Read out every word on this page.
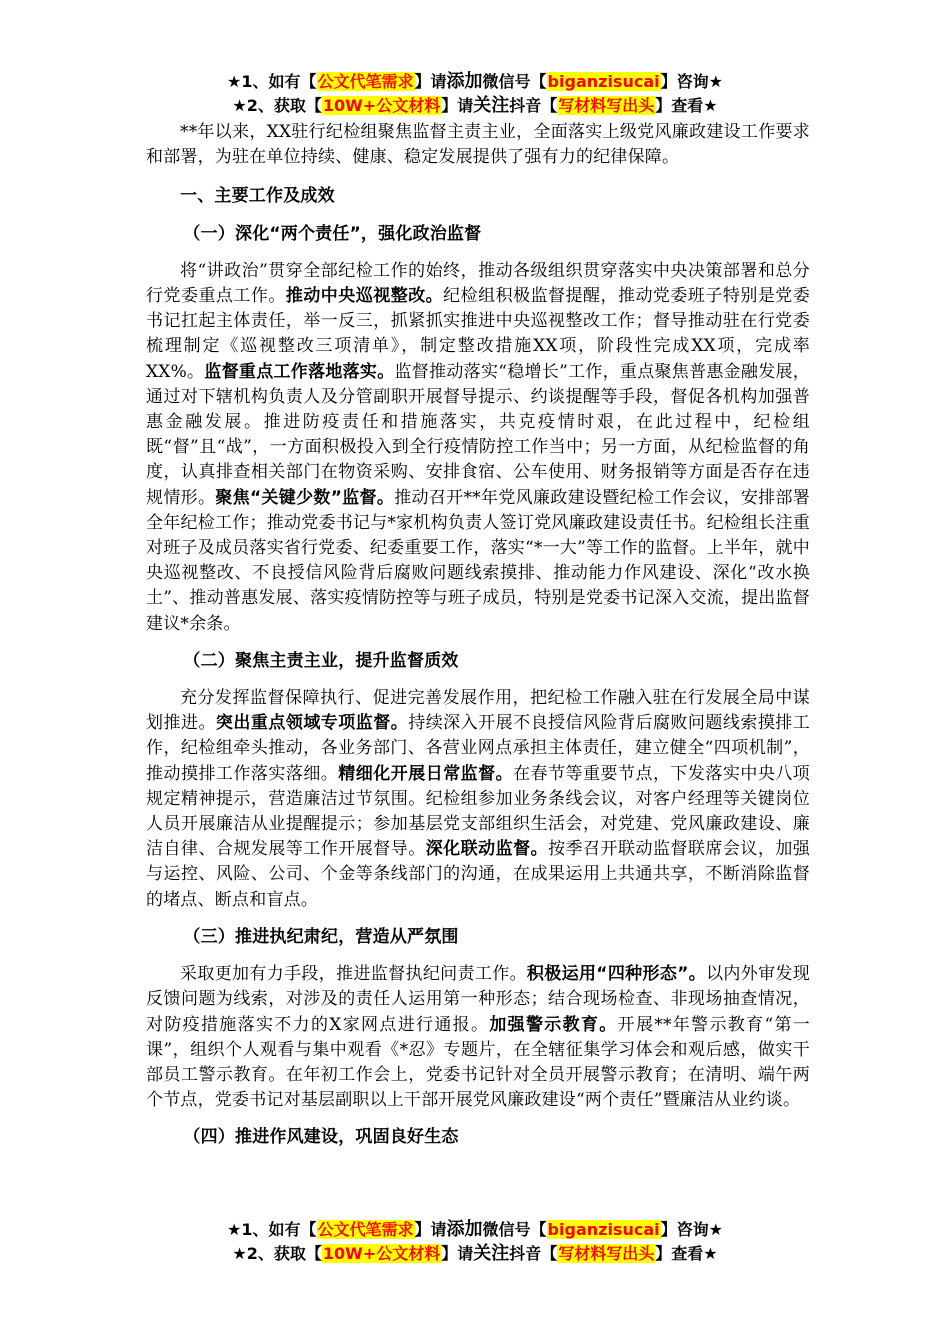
★1、如有【公文代笔需求】请添加微信号【biganzisucai】咨询★
★2、获取【10W+公文材料】请关注抖音【写材料写出头】查看★

**年以来，XX驻行纪检组聚焦监督主责主业，全面落实上级党风廉政建设工作要求和部署，为驻在单位持续、健康、稳定发展提供了强有力的纪律保障。

一、主要工作及成效

（一）深化“两个责任”，强化政治监督

将“讲政治”贯穿全部纪检工作的始终，推动各级组织贯穿落实中央决策部署和总分行党委重点工作。推动中央巡视整改。纪检组积极监督提醒，推动党委班子特别是党委书记扛起主体责任，举一反三，抓紧抓实推进中央巡视整改工作；督导推动驻在行党委梳理制定《巡视整改三项清单》，制定整改措施XX项，阶段性完成XX项，完成率XX%。监督重点工作落地落实。监督推动落实“稳增长”工作，重点聚焦普惠金融发展，通过对下辖机构负责人及分管副职开展督导提示、约谈提醒等手段，督促各机构加强普惠金融发展。推进防疫责任和措施落实，共克疫情时艰，在此过程中，纪检组既“督”且“战”，一方面积极投入到全行疫情防控工作当中；另一方面，从纪检监督的角度，认真排查相关部门在物资采购、安排食宿、公车使用、财务报销等方面是否存在违规情形。聚焦“关键少数”监督。推动召开**年党风廉政建设暨纪检工作会议，安排部署全年纪检工作；推动党委书记与*家机构负责人签订党风廉政建设责任书。纪检组长注重对班子及成员落实省行党委、纪委重要工作，落实“*一大”等工作的监督。上半年，就中央巡视整改、不良授信风险背后腐败问题线索摸排、推动能力作风建设、深化“改水换土”、推动普惠发展、落实疫情防控等与班子成员，特别是党委书记深入交流，提出监督建议*余条。

（二）聚焦主责主业，提升监督质效

充分发挥监督保障执行、促进完善发展作用，把纪检工作融入驻在行发展全局中谋划推进。突出重点领域专项监督。持续深入开展不良授信风险背后腐败问题线索摸排工作，纪检组牵头推动，各业务部门、各营业网点承担主体责任，建立健全“四项机制”，推动摸排工作落实落细。精细化开展日常监督。在春节等重要节点，下发落实中央八项规定精神提示，营造廉洁过节氛围。纪检组参加业务条线会议，对客户经理等关键岗位人员开展廉洁从业提醒提示；参加基层党支部组织生活会，对党建、党风廉政建设、廉洁自律、合规发展等工作开展督导。深化联动监督。按季召开联动监督联席会议，加强与运控、风险、公司、个金等条线部门的沟通，在成果运用上共通共享，不断消除监督的堵点、断点和盲点。

（三）推进执纪肃纪，营造从严氛围

采取更加有力手段，推进监督执纪问责工作。积极运用“四种形态”。以内外审发现反馈问题为线索，对涉及的责任人运用第一种形态；结合现场检查、非现场抽查情况，对防疫措施落实不力的X家网点进行通报。加强警示教育。开展**年警示教育“第一课”，组织个人观看与集中观看《*忍》专题片，在全辖征集学习体会和观后感，做实干部员工警示教育。在年初工作会上，党委书记针对全员开展警示教育；在清明、端午两个节点，党委书记对基层副职以上干部开展党风廉政建设“两个责任”暨廉洁从业约谈。

（四）推进作风建设，巩固良好生态

★1、如有【公文代笔需求】请添加微信号【biganzisucai】咨询★
★2、获取【10W+公文材料】请关注抖音【写材料写出头】查看★
